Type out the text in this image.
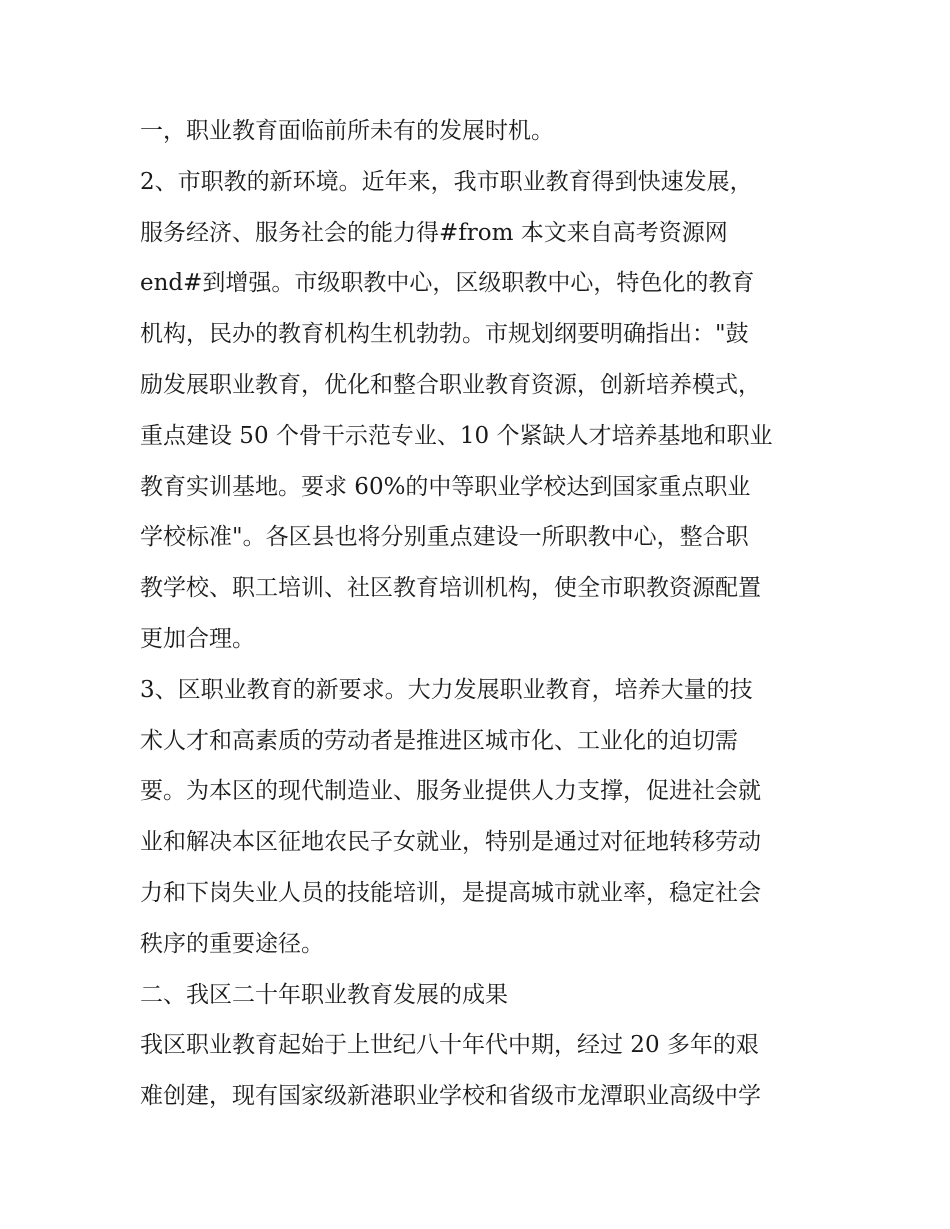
一，职业教育面临前所未有的发展时机。
2、市职教的新环境。近年来，我市职业教育得到快速发展，
服务经济、服务社会的能力得#from 本文来自高考资源网
end#到增强。市级职教中心，区级职教中心，特色化的教育
机构，民办的教育机构生机勃勃。市规划纲要明确指出："鼓
励发展职业教育，优化和整合职业教育资源，创新培养模式，
重点建设 50 个骨干示范专业、10 个紧缺人才培养基地和职业
教育实训基地。要求 60%的中等职业学校达到国家重点职业
学校标准"。各区县也将分别重点建设一所职教中心，整合职
教学校、职工培训、社区教育培训机构，使全市职教资源配置
更加合理。
3、区职业教育的新要求。大力发展职业教育，培养大量的技
术人才和高素质的劳动者是推进区城市化、工业化的迫切需
要。为本区的现代制造业、服务业提供人力支撑，促进社会就
业和解决本区征地农民子女就业，特别是通过对征地转移劳动
力和下岗失业人员的技能培训，是提高城市就业率，稳定社会
秩序的重要途径。
二、我区二十年职业教育发展的成果
我区职业教育起始于上世纪八十年代中期，经过 20 多年的艰
难创建，现有国家级新港职业学校和省级市龙潭职业高级中学
